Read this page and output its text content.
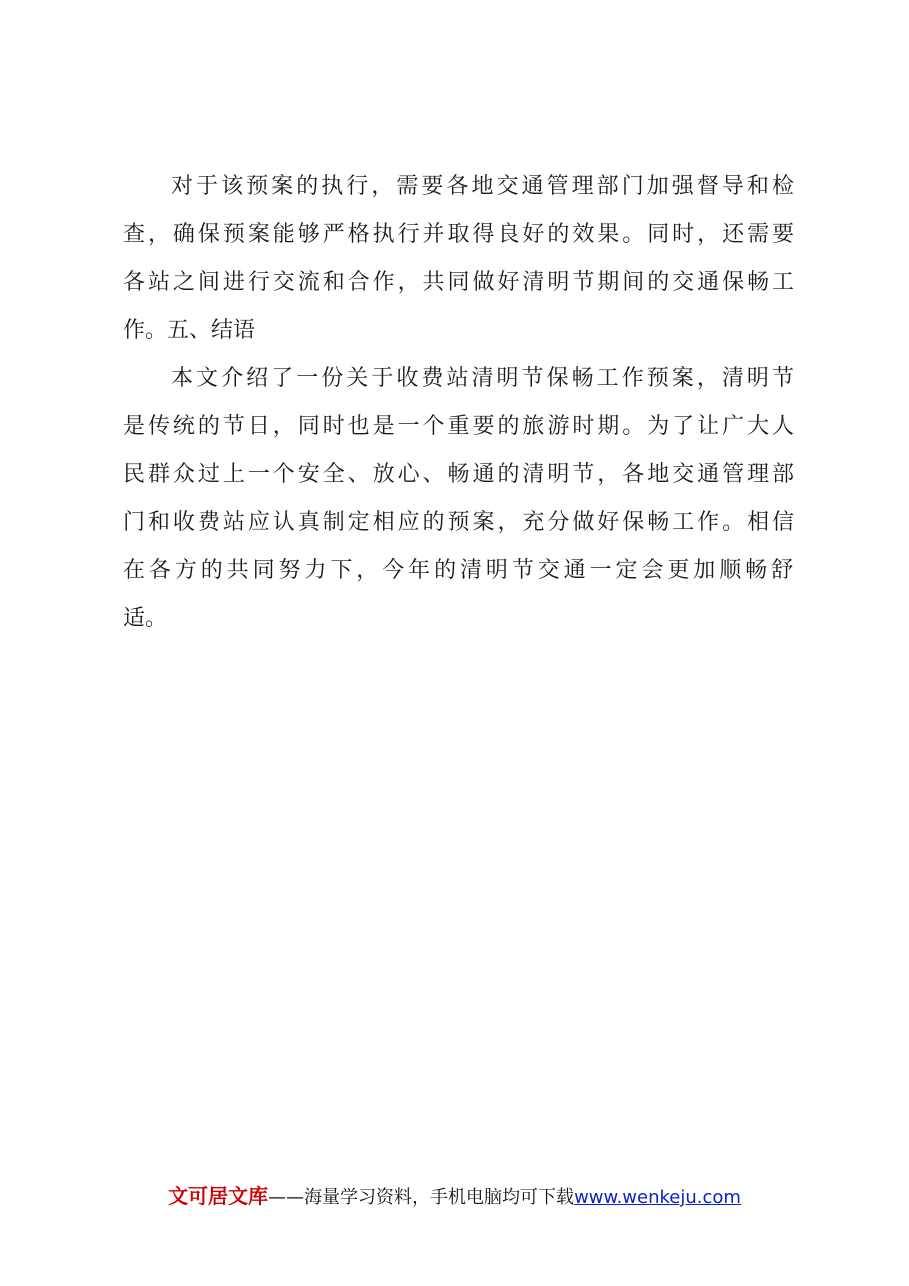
对于该预案的执行，需要各地交通管理部门加强督导和检
查，确保预案能够严格执行并取得良好的效果。同时，还需要
各站之间进行交流和合作，共同做好清明节期间的交通保畅工
作。五、结语
本文介绍了一份关于收费站清明节保畅工作预案，清明节
是传统的节日，同时也是一个重要的旅游时期。为了让广大人
民群众过上一个安全、放心、畅通的清明节，各地交通管理部
门和收费站应认真制定相应的预案，充分做好保畅工作。相信
在各方的共同努力下，今年的清明节交通一定会更加顺畅舒
适。
文可居文库——海量学习资料，手机电脑均可下载www.wenkeju.com
